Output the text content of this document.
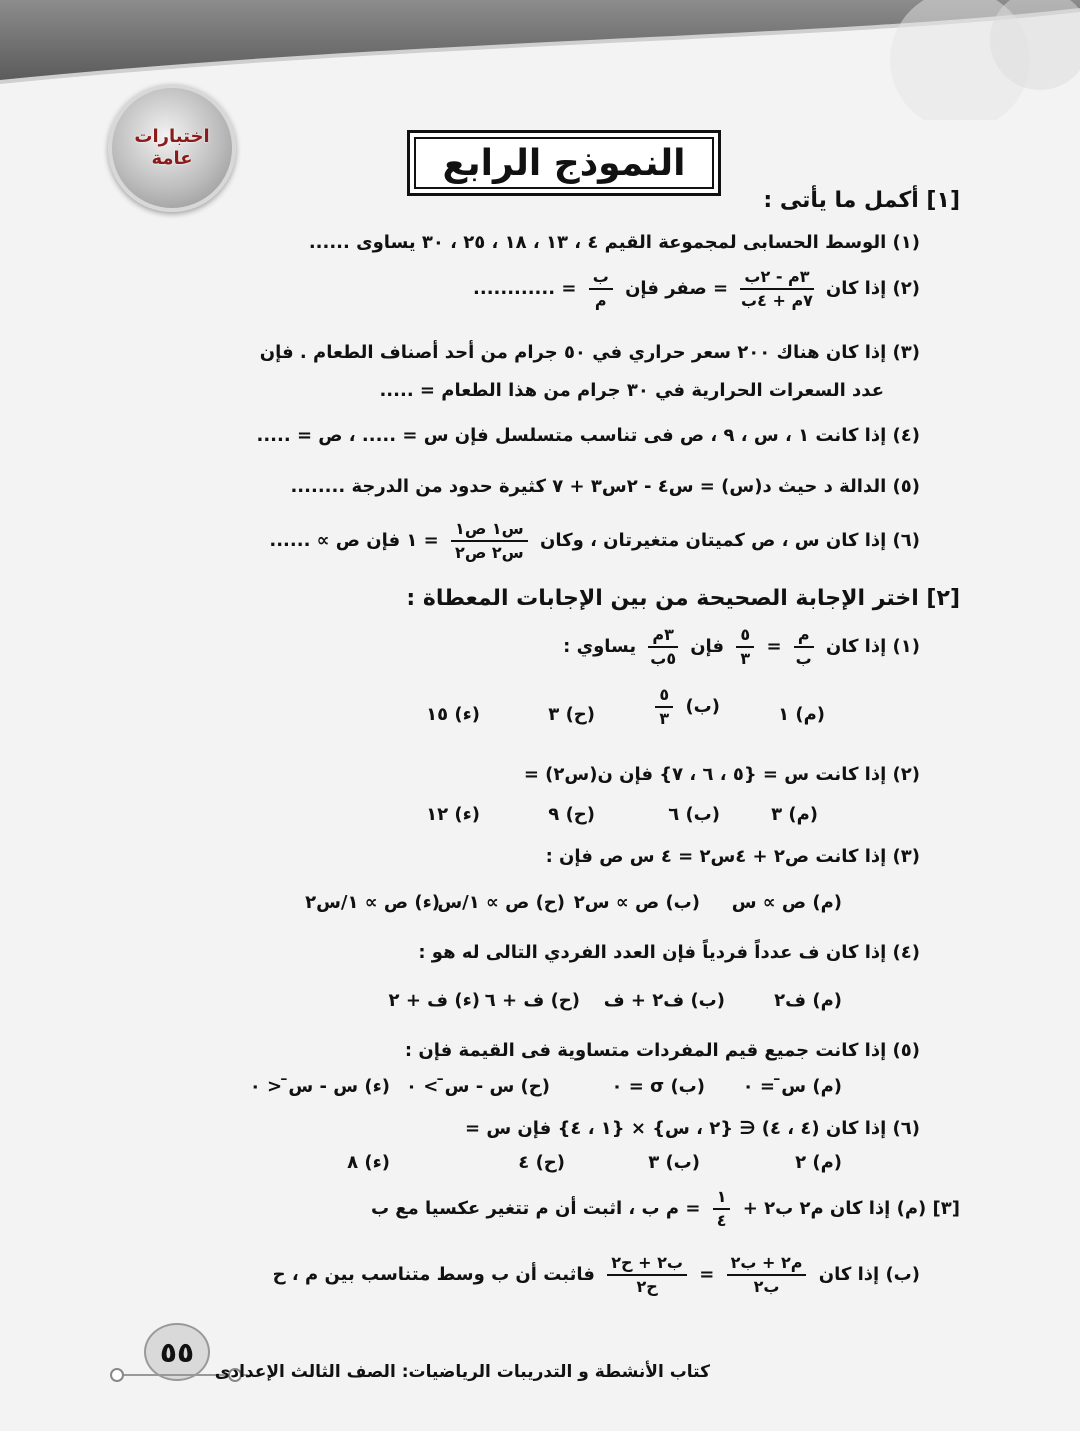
اختبارات
عامة	النموذج الرابع
[١] أكمل ما يأتى :
(١) الوسط الحسابى لمجموعة القيم ٤ ، ١٣ ، ١٨ ، ٢٥ ، ٣٠ يساوى ......
(٢) إذا كان
٣ﻡ - ٢ب
٧ﻡ + ٤ب
= صفر فإن
ب
ﻡ
= ............
(٣) إذا كان هناك ٢٠٠ سعر حراري في ٥٠ جرام من أحد أصناف الطعام . فإن
عدد السعرات الحرارية في ٣٠ جرام من هذا الطعام = .....
(٤) إذا كانت ١ ، س ، ٩ ، ص فى تناسب متسلسل فإن س = ..... ، ص = .....
(٥) الدالة د حيث د(س) = س٤ - ٢س٣ + ٧ كثيرة حدود من الدرجة ........
(٦) إذا كان س ، ص كميتان متغيرتان ، وكان
س١ ص١
س٢ ص٢
= ١ فإن ص ∝ ......
[٢] اختر الإجابة الصحيحة من بين الإجابات المعطاة :
(١) إذا كان
ﻡ
ب
=
٥
٣
فإن
٣ﻡ
٥ب
يساوي :
(ﻡ) ١
(ب)
٥
٣
(ح) ٣
(ء) ١٥
(٢) إذا كانت س = {٥ ، ٦ ، ٧} فإن ن(س٢) =
(ﻡ) ٣
(ب) ٦
(ح) ٩
(ء) ١٢
(٣) إذا كانت ص٢ + ٤س٢ = ٤ س ص فإن :
(ﻡ) ص ∝ س
(ب) ص ∝ س٢
(ح) ص ∝ ١/س
(ء) ص ∝ ١/س٢
(٤) إذا كان ف عدداً فردياً فإن العدد الفردي التالى له هو :
(ﻡ) ف٢
(ب) ف٢ + ف
(ح) ف + ٦
(ء) ف + ٢
(٥) إذا كانت جميع قيم المفردات متساوية فى القيمة فإن :
(ﻡ) س̄ = ٠
(ب) σ = ٠
(ح) س - س̄ > ٠
(ء) س - س̄ < ٠
(٦) إذا كان (٤ ، ٤) ∈ {٢ ، س} × {١ ، ٤} فإن س =
(ﻡ) ٢
(ب) ٣
(ح) ٤
(ء) ٨
[٣] (ﻡ) إذا كان ﻡ٢ ب٢ +
١
٤
= ﻡ ب ، اثبت أن ﻡ تتغير عكسيا مع ب
(ب) إذا كان
ﻡ٢ + ب٢
ب٢
=
ب٢ + ح٢
ح٢
فاثبت أن ب وسط متناسب بين ﻡ ، ح
٥٥
كتاب الأنشطة و التدريبات الرياضيات: الصف الثالث الإعدادى
